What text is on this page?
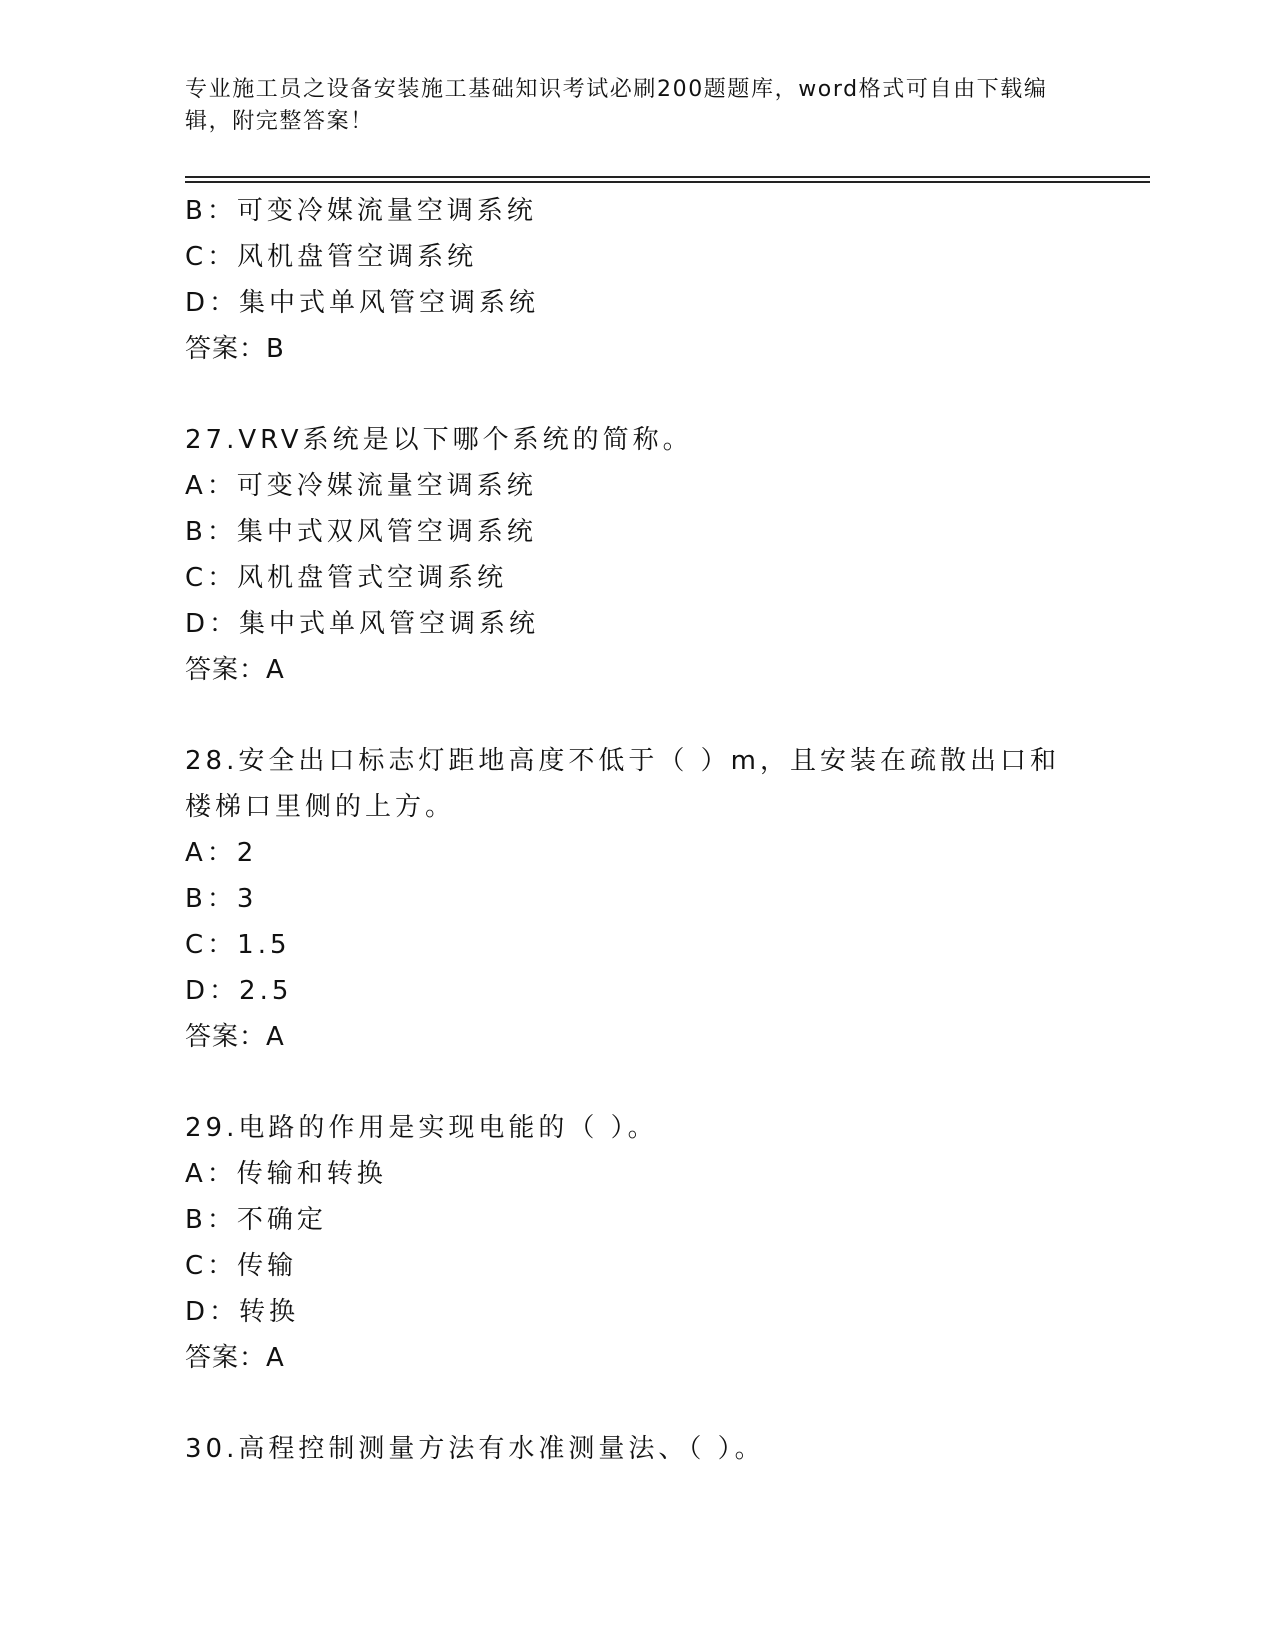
专业施工员之设备安装施工基础知识考试必刷200题题库，word格式可自由下载编辑，附完整答案！
B：可变冷媒流量空调系统
C：风机盘管空调系统
D：集中式单风管空调系统
答案：B
27.VRV系统是以下哪个系统的简称。
A：可变冷媒流量空调系统
B：集中式双风管空调系统
C：风机盘管式空调系统
D：集中式单风管空调系统
答案：A
28.安全出口标志灯距地高度不低于（ ）m，且安装在疏散出口和楼梯口里侧的上方。
A：2
B：3
C：1.5
D：2.5
答案：A
29.电路的作用是实现电能的（ ）。
A：传输和转换
B：不确定
C：传输
D：转换
答案：A
30.高程控制测量方法有水准测量法、（ ）。
